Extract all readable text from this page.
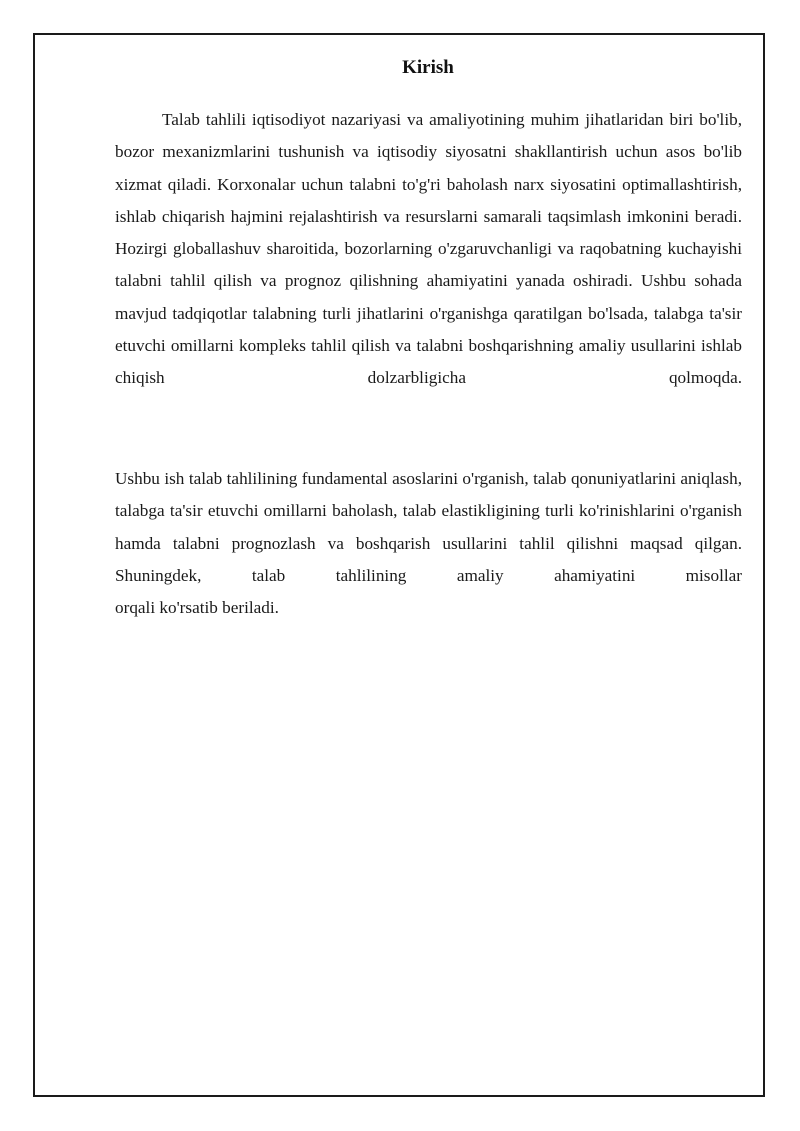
Kirish

Talab tahlili iqtisodiyot nazariyasi va amaliyotining muhim jihatlaridan biri bo'lib, bozor mexanizmlarini tushunish va iqtisodiy siyosatni shakllantirish uchun asos bo'lib xizmat qiladi. Korxonalar uchun talabni to'g'ri baholash narx siyosatini optimallashtirish, ishlab chiqarish hajmini rejalashtirish va resurslarni samarali taqsimlash imkonini beradi. Hozirgi globallashuv sharoitida, bozorlarning o'zgaruvchanligi va raqobatning kuchayishi talabni tahlil qilish va prognoz qilishning ahamiyatini yanada oshiradi. Ushbu sohada mavjud tadqiqotlar talabning turli jihatlarini o'rganishga qaratilgan bo'lsada, talabga ta'sir etuvchi omillarni kompleks tahlil qilish va talabni boshqarishning amaliy usullarini ishlab chiqish dolzarbligicha qolmoqda.

Ushbu ish talab tahlilining fundamental asoslarini o'rganish, talab qonuniyatlarini aniqlash, talabga ta'sir etuvchi omillarni baholash, talab elastikligining turli ko'rinishlarini o'rganish hamda talabni prognozlash va boshqarish usullarini tahlil qilishni maqsad qilgan. Shuningdek, talab tahlilining amaliy ahamiyatini misollar
orqali ko'rsatib beriladi.
